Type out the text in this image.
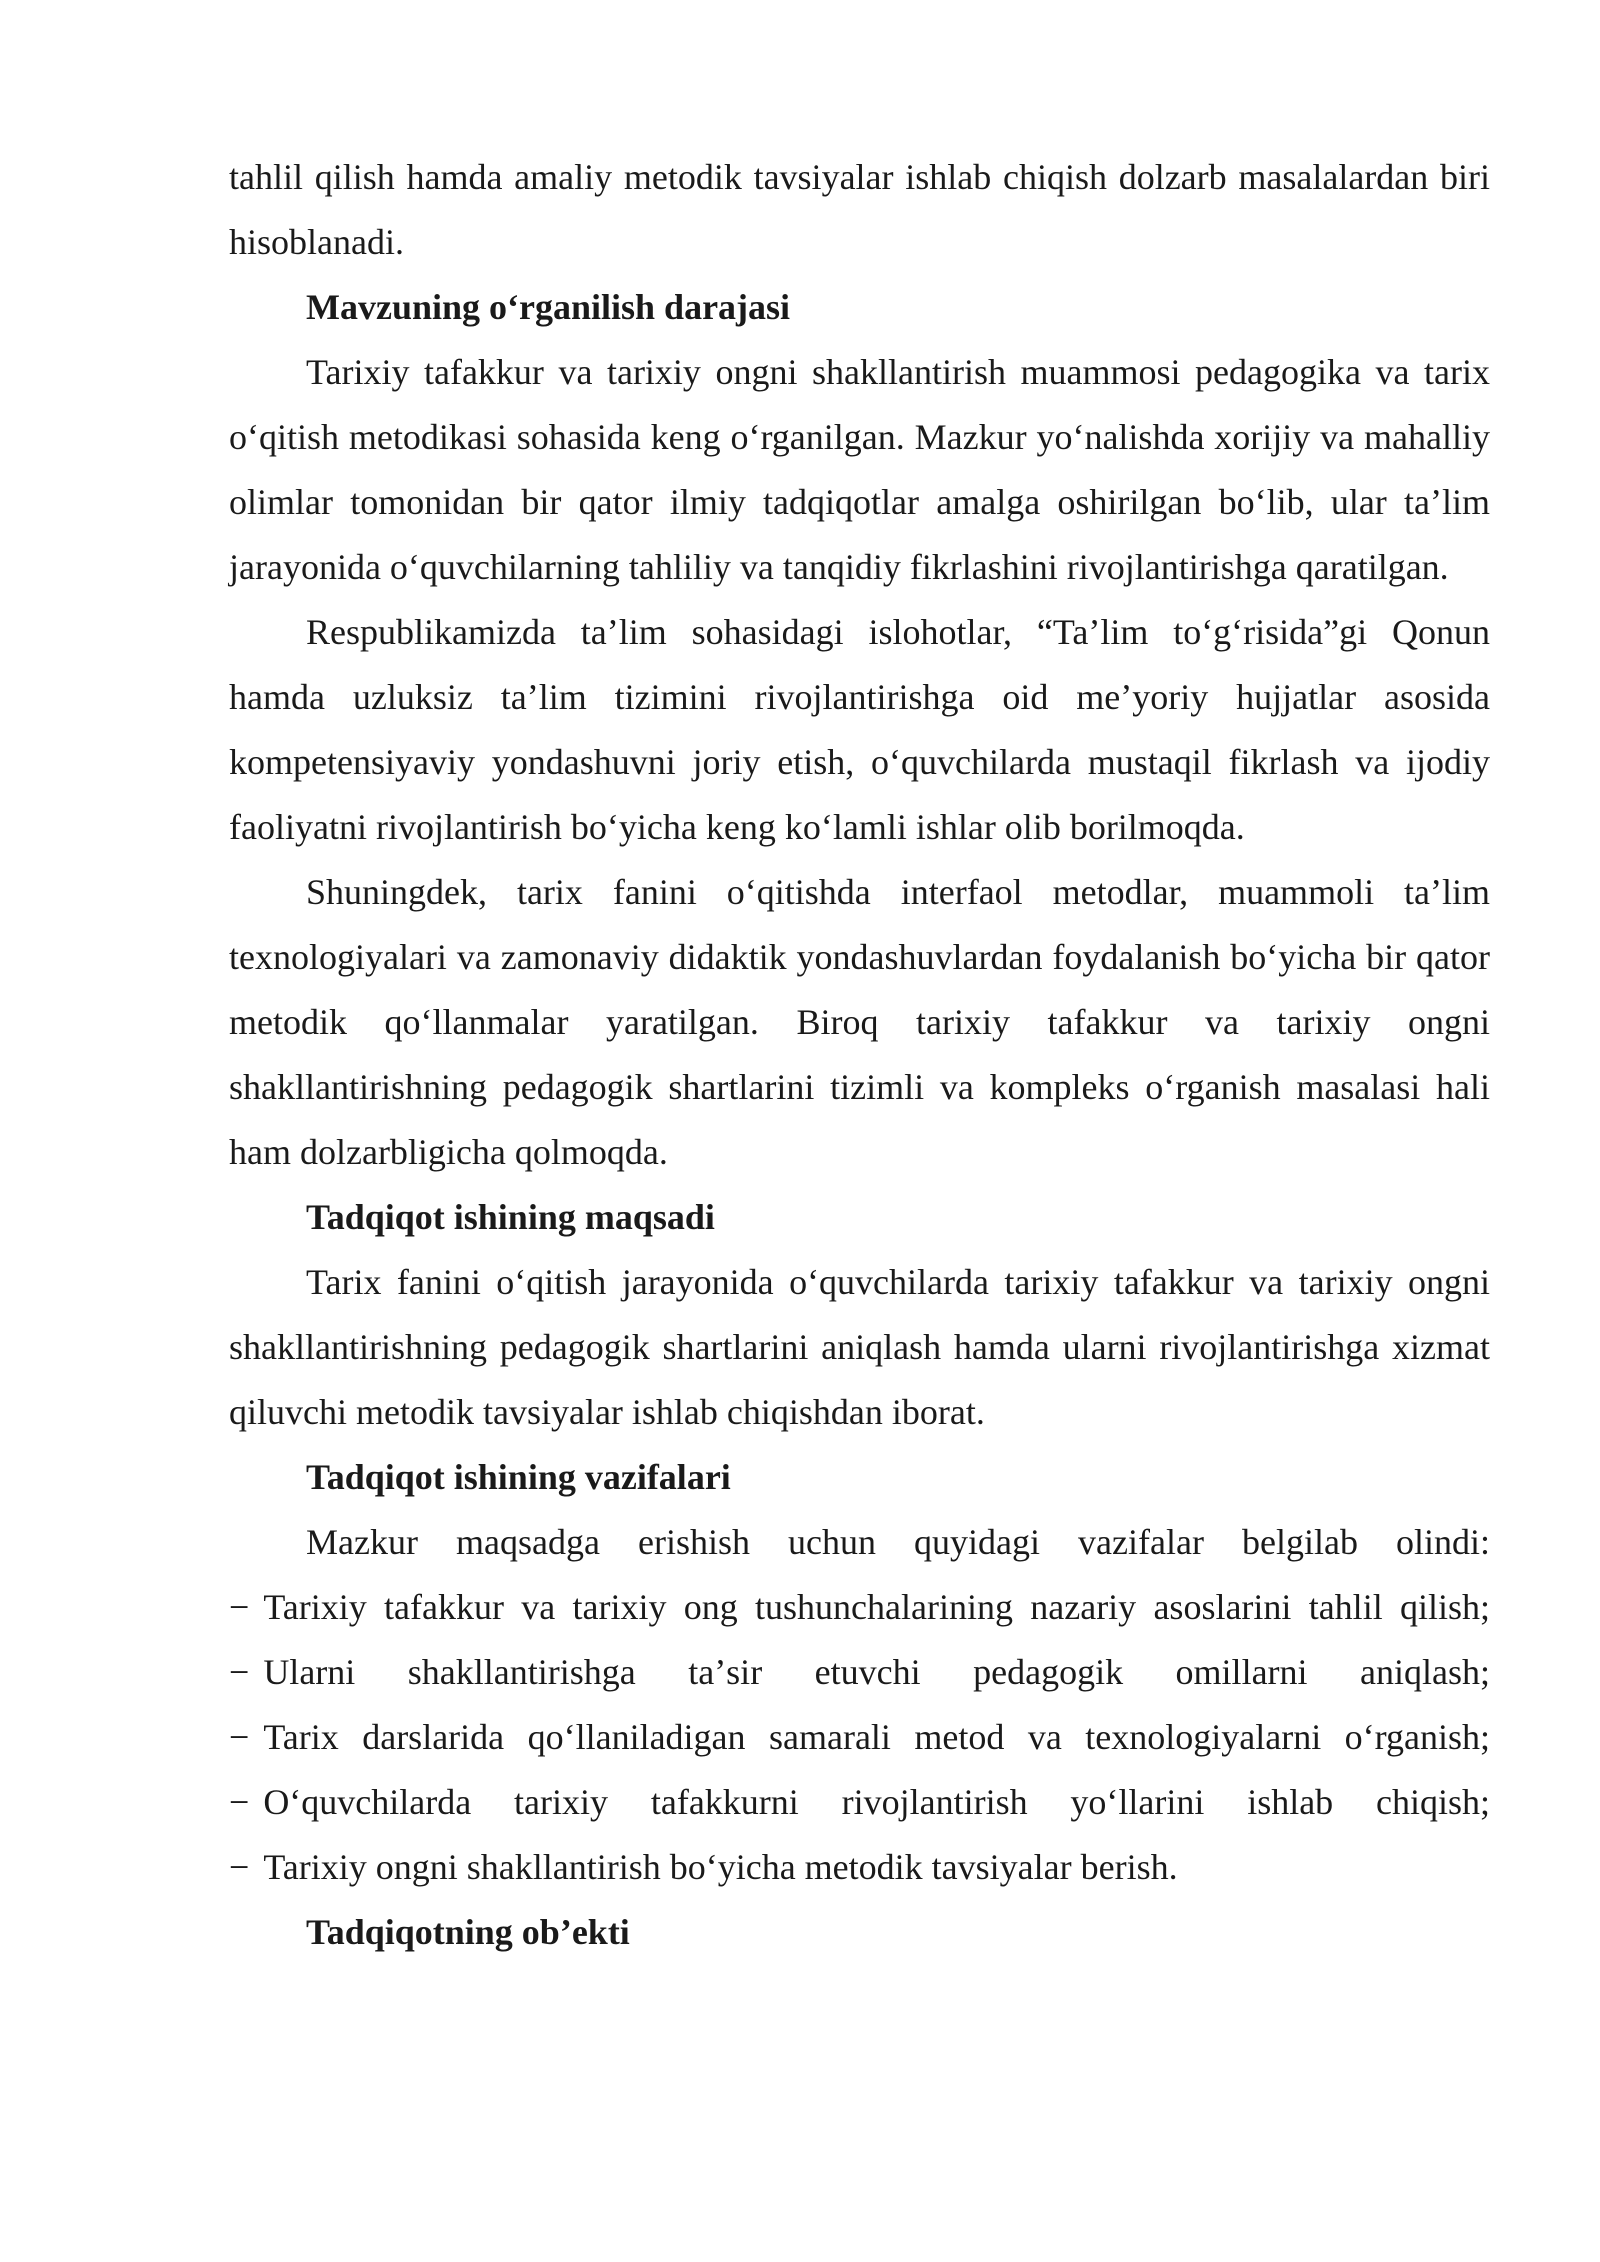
tahlil qilish hamda amaliy metodik tavsiyalar ishlab chiqish dolzarb masalalardan biri hisoblanadi.

Mavzuning oʻrganilish darajasi

Tarixiy tafakkur va tarixiy ongni shakllantirish muammosi pedagogika va tarix oʻqitish metodikasi sohasida keng oʻrganilgan. Mazkur yoʻnalishda xorijiy va mahalliy olimlar tomonidan bir qator ilmiy tadqiqotlar amalga oshirilgan boʻlib, ular taʼlim jarayonida oʻquvchilarning tahliliy va tanqidiy fikrlashini rivojlantirishga qaratilgan.

Respublikamizda taʼlim sohasidagi islohotlar, “Taʼlim toʻgʻrisida”gi Qonun hamda uzluksiz taʼlim tizimini rivojlantirishga oid meʼyoriy hujjatlar asosida kompetensiyaviy yondashuvni joriy etish, oʻquvchilarda mustaqil fikrlash va ijodiy faoliyatni rivojlantirish boʻyicha keng koʻlamli ishlar olib borilmoqda.

Shuningdek, tarix fanini oʻqitishda interfaol metodlar, muammoli taʼlim texnologiyalari va zamonaviy didaktik yondashuvlardan foydalanish boʻyicha bir qator metodik qoʻllanmalar yaratilgan. Biroq tarixiy tafakkur va tarixiy ongni shakllantirishning pedagogik shartlarini tizimli va kompleks oʻrganish masalasi hali ham dolzarbligicha qolmoqda.

Tadqiqot ishining maqsadi

Tarix fanini oʻqitish jarayonida oʻquvchilarda tarixiy tafakkur va tarixiy ongni shakllantirishning pedagogik shartlarini aniqlash hamda ularni rivojlantirishga xizmat qiluvchi metodik tavsiyalar ishlab chiqishdan iborat.

Tadqiqot ishining vazifalari

Mazkur maqsadga erishish uchun quyidagi vazifalar belgilab olindi:

− Tarixiy tafakkur va tarixiy ong tushunchalarining nazariy asoslarini tahlil qilish;
− Ularni shakllantirishga taʼsir etuvchi pedagogik omillarni aniqlash;
− Tarix darslarida qoʻllaniladigan samarali metod va texnologiyalarni oʻrganish;
− Oʻquvchilarda tarixiy tafakkurni rivojlantirish yoʻllarini ishlab chiqish;
− Tarixiy ongni shakllantirish boʻyicha metodik tavsiyalar berish.

Tadqiqotning obʼekti
